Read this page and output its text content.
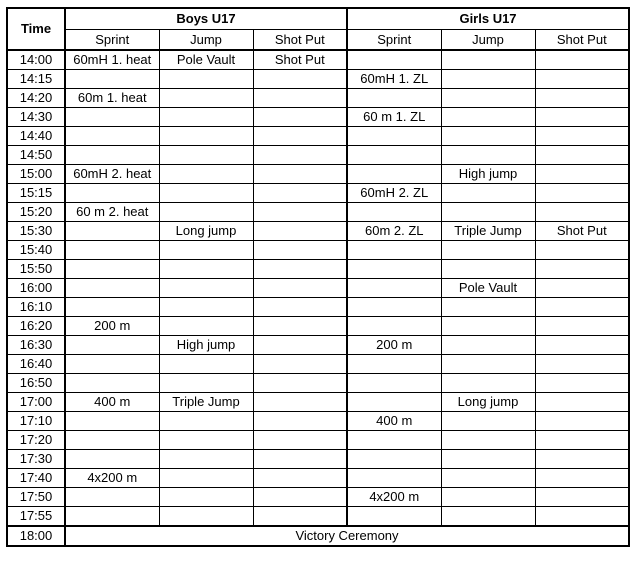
Time	Boys U17			Girls U17		
	Sprint	Jump	Shot Put	Sprint	Jump	Shot Put
14:00	60mH 1. heat	Pole Vault	Shot Put			
14:15				60mH 1. ZL		
14:20	60m 1. heat					
14:30				60 m 1. ZL		
14:40						
14:50						
15:00	60mH 2. heat				High jump	
15:15				60mH 2. ZL		
15:20	60 m 2. heat					
15:30		Long jump		60m 2. ZL	Triple Jump	Shot Put
15:40						
15:50						
16:00					Pole Vault	
16:10						
16:20	200 m					
16:30		High jump		200 m		
16:40						
16:50						
17:00	400 m	Triple Jump			Long jump	
17:10				400 m		
17:20						
17:30						
17:40	4x200 m					
17:50				4x200 m		
17:55						
18:00	Victory Ceremony					
